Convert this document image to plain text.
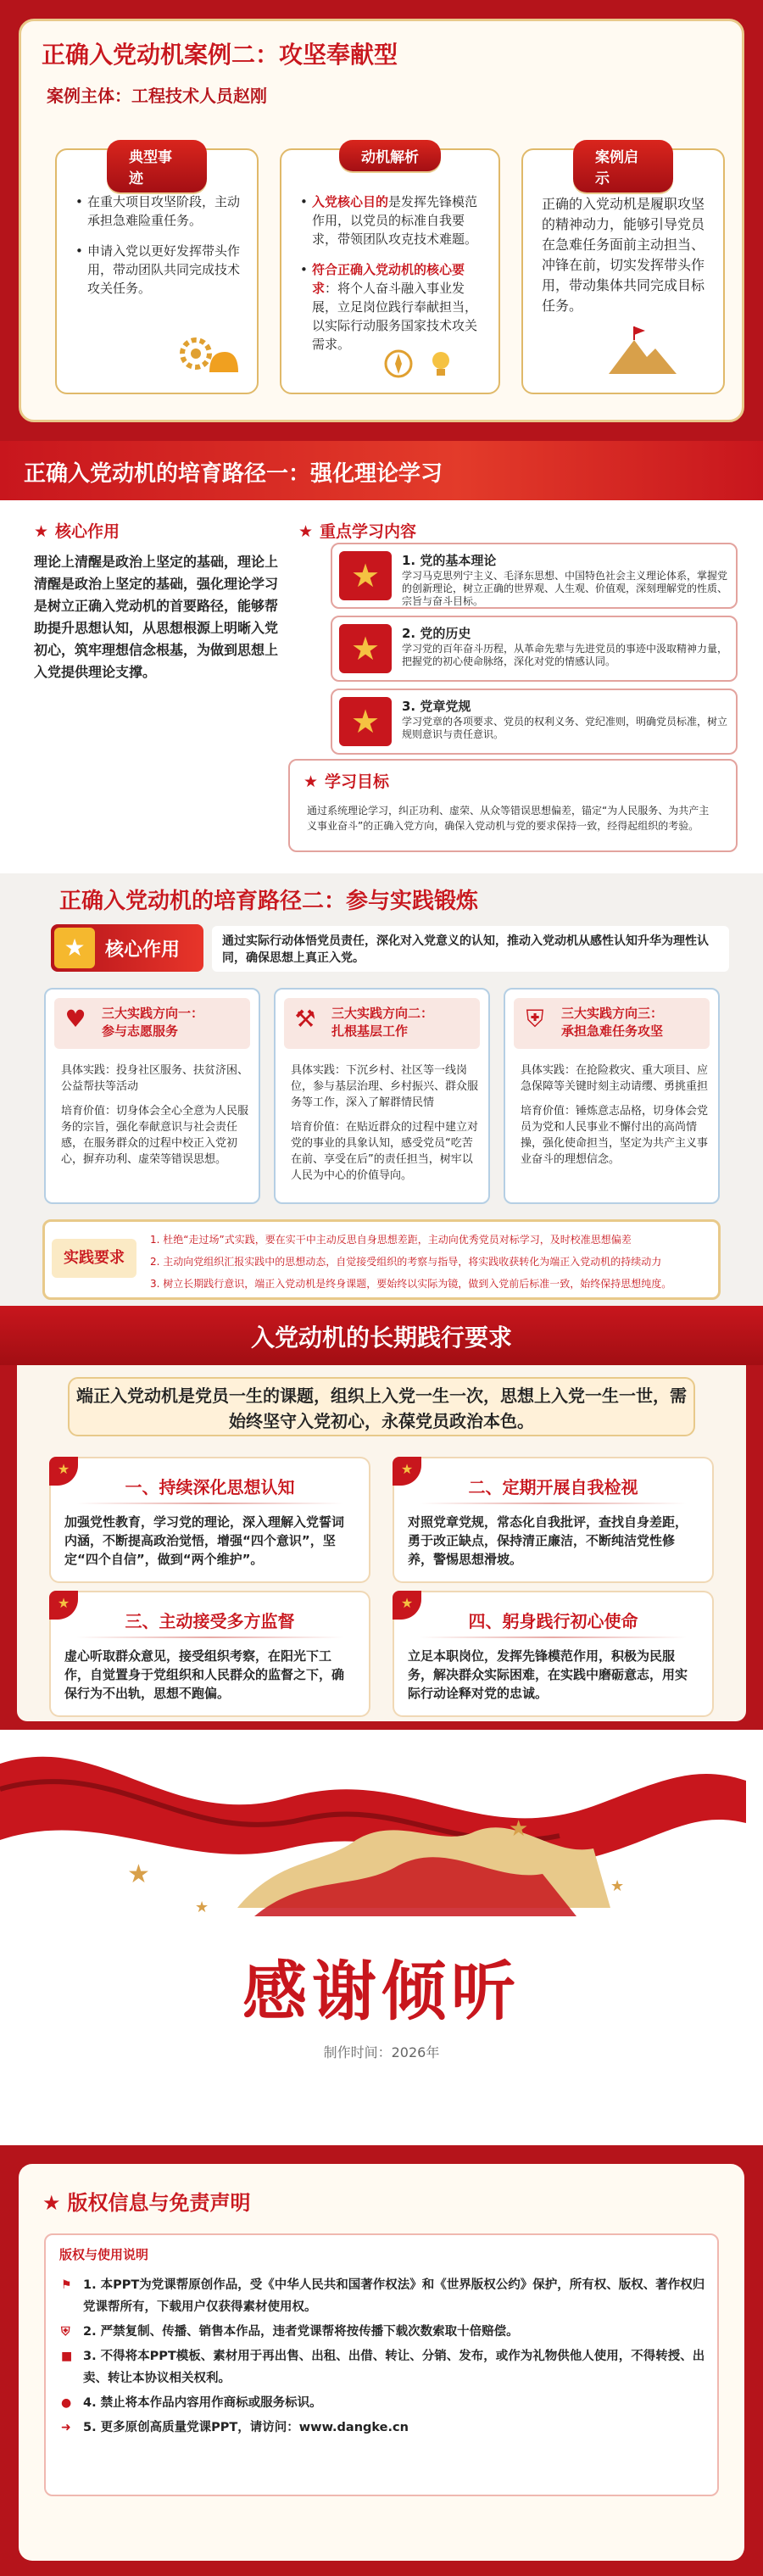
正确入党动机案例二：攻坚奉献型
案例主体：工程技术人员赵刚
典型事迹
• 在重大项目攻坚阶段，主动承担急难险重任务。
• 申请入党以更好发挥带头作用，带动团队共同完成技术攻关任务。
动机解析
• 入党核心目的是发挥先锋模范作用，以党员的标准自我要求，带领团队攻克技术难题。
• 符合正确入党动机的核心要求：将个人奋斗融入事业发展，立足岗位践行奉献担当，以实际行动服务国家技术攻关需求。
案例启示

正确的入党动机是履职攻坚的精神动力，能够引导党员在急难任务面前主动担当、冲锋在前，切实发挥带头作用，带动集体共同完成目标任务。

正确入党动机的培育路径一：强化理论学习
★ 核心作用
理论上清醒是政治上坚定的基础，理论上清醒是政治上坚定的基础，强化理论学习是树立正确入党动机的首要路径，能够帮助提升思想认知，从思想根源上明晰入党初心，筑牢理想信念根基，为做到思想上入党提供理论支撑。
★ 重点学习内容
★	1. 党的基本理论
学习马克思列宁主义、毛泽东思想、中国特色社会主义理论体系，掌握党的创新理论，树立正确的世界观、人生观、价值观，深刻理解党的性质、宗旨与奋斗目标。
★	2. 党的历史
学习党的百年奋斗历程，从革命先辈与先进党员的事迹中汲取精神力量，把握党的初心使命脉络，深化对党的情感认同。
★	3. 党章党规
学习党章的各项要求、党员的权利义务、党纪准则，明确党员标准，树立规则意识与责任意识。
★ 学习目标
通过系统理论学习，纠正功利、虚荣、从众等错误思想偏差，锚定“为人民服务、为共产主义事业奋斗”的正确入党方向，确保入党动机与党的要求保持一致，经得起组织的考验。
正确入党动机的培育路径二：参与实践锻炼
★	核心作用	通过实际行动体悟党员责任，深化对入党意义的认知，推动入党动机从感性认知升华为理性认同，确保思想上真正入党。
♥ 三大实践方向一：
参与志愿服务
具体实践：投身社区服务、扶贫济困、公益帮扶等活动
培育价值：切身体会全心全意为人民服务的宗旨，强化奉献意识与社会责任感，在服务群众的过程中校正入党初心，摒弃功利、虚荣等错误思想。
⚒ 三大实践方向二：
扎根基层工作
具体实践：下沉乡村、社区等一线岗位，参与基层治理、乡村振兴、群众服务等工作，深入了解群情民情
培育价值：在贴近群众的过程中建立对党的事业的具象认知，感受党员“吃苦在前、享受在后”的责任担当，树牢以人民为中心的价值导向。
⛨	三大实践方向三：
承担急难任务攻坚
具体实践：在抢险救灾、重大项目、应急保障等关键时刻主动请缨、勇挑重担
培育价值：锤炼意志品格，切身体会党员为党和人民事业不懈付出的高尚情操，强化使命担当，坚定为共产主义事业奋斗的理想信念。
实践要求
1. 杜绝“走过场”式实践，要在实干中主动反思自身思想差距，主动向优秀党员对标学习，及时校准思想偏差
2. 主动向党组织汇报实践中的思想动态，自觉接受组织的考察与指导，将实践收获转化为端正入党动机的持续动力
3. 树立长期践行意识，端正入党动机是终身课题，要始终以实际为镜，做到入党前后标准一致，始终保持思想纯度。
入党动机的长期践行要求
端正入党动机是党员一生的课题，组织上入党一生一次，思想上入党一生一世，需始终坚守入党初心，永葆党员政治本色。
★
一、持续深化思想认知
加强党性教育，学习党的理论，深入理解入党誓词内涵，不断提高政治觉悟，增强“四个意识”，坚定“四个自信”，做到“两个维护”。
★
二、定期开展自我检视
对照党章党规，常态化自我批评，查找自身差距，勇于改正缺点，保持清正廉洁，不断纯洁党性修养，警惕思想滑坡。
★
三、主动接受多方监督
虚心听取群众意见，接受组织考察，在阳光下工作，自觉置身于党组织和人民群众的监督之下，确保行为不出轨，思想不跑偏。
★
四、躬身践行初心使命
立足本职岗位，发挥先锋模范作用，积极为民服务，解决群众实际困难，在实践中磨砺意志，用实际行动诠释对党的忠诚。
★
★
★
★
感谢倾听
制作时间：2026年
★ 版权信息与免责声明
版权与使用说明
⚑ 1. 本PPT为党课帮原创作品，受《中华人民共和国著作权法》和《世界版权公约》保护，所有权、版权、著作权归党课帮所有，下载用户仅获得素材使用权。
⛨ 2. 严禁复制、传播、销售本作品，违者党课帮将按传播下载次数索取十倍赔偿。
■ 3. 不得将本PPT模板、素材用于再出售、出租、出借、转让、分销、发布，或作为礼物供他人使用，不得转授、出卖、转让本协议相关权利。
● 4. 禁止将本作品内容用作商标或服务标识。
➜ 5. 更多原创高质量党课PPT，请访问：www.dangke.cn
